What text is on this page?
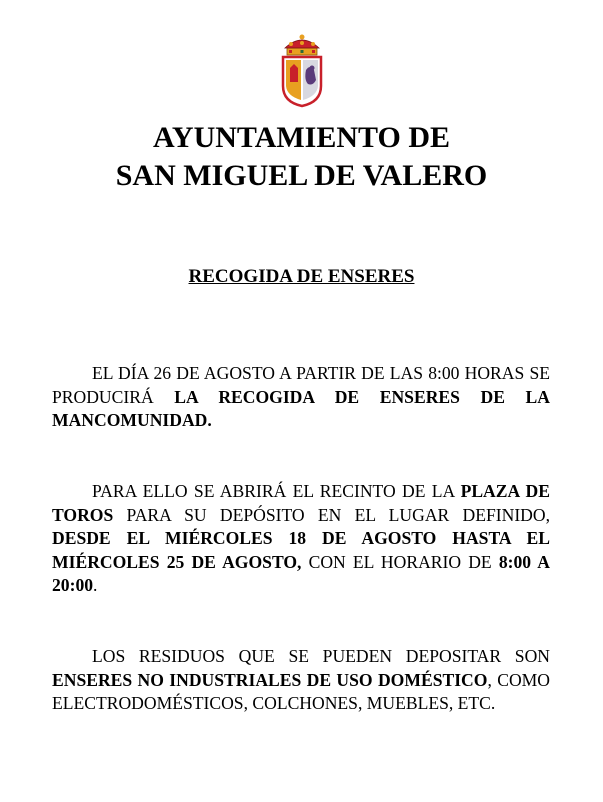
AYUNTAMIENTO DE
SAN MIGUEL DE VALERO
RECOGIDA DE ENSERES
EL DÍA 26 DE AGOSTO A PARTIR DE LAS 8:00 HORAS SE PRODUCIRÁ LA RECOGIDA DE ENSERES DE LA MANCOMUNIDAD.
PARA ELLO SE ABRIRÁ EL RECINTO DE LA PLAZA DE TOROS PARA SU DEPÓSITO EN EL LUGAR DEFINIDO, DESDE EL MIÉRCOLES 18 DE AGOSTO HASTA EL MIÉRCOLES 25 DE AGOSTO, CON EL HORARIO DE 8:00 A 20:00.
LOS RESIDUOS QUE SE PUEDEN DEPOSITAR SON ENSERES NO INDUSTRIALES DE USO DOMÉSTICO, COMO ELECTRODOMÉSTICOS, COLCHONES, MUEBLES, ETC.
